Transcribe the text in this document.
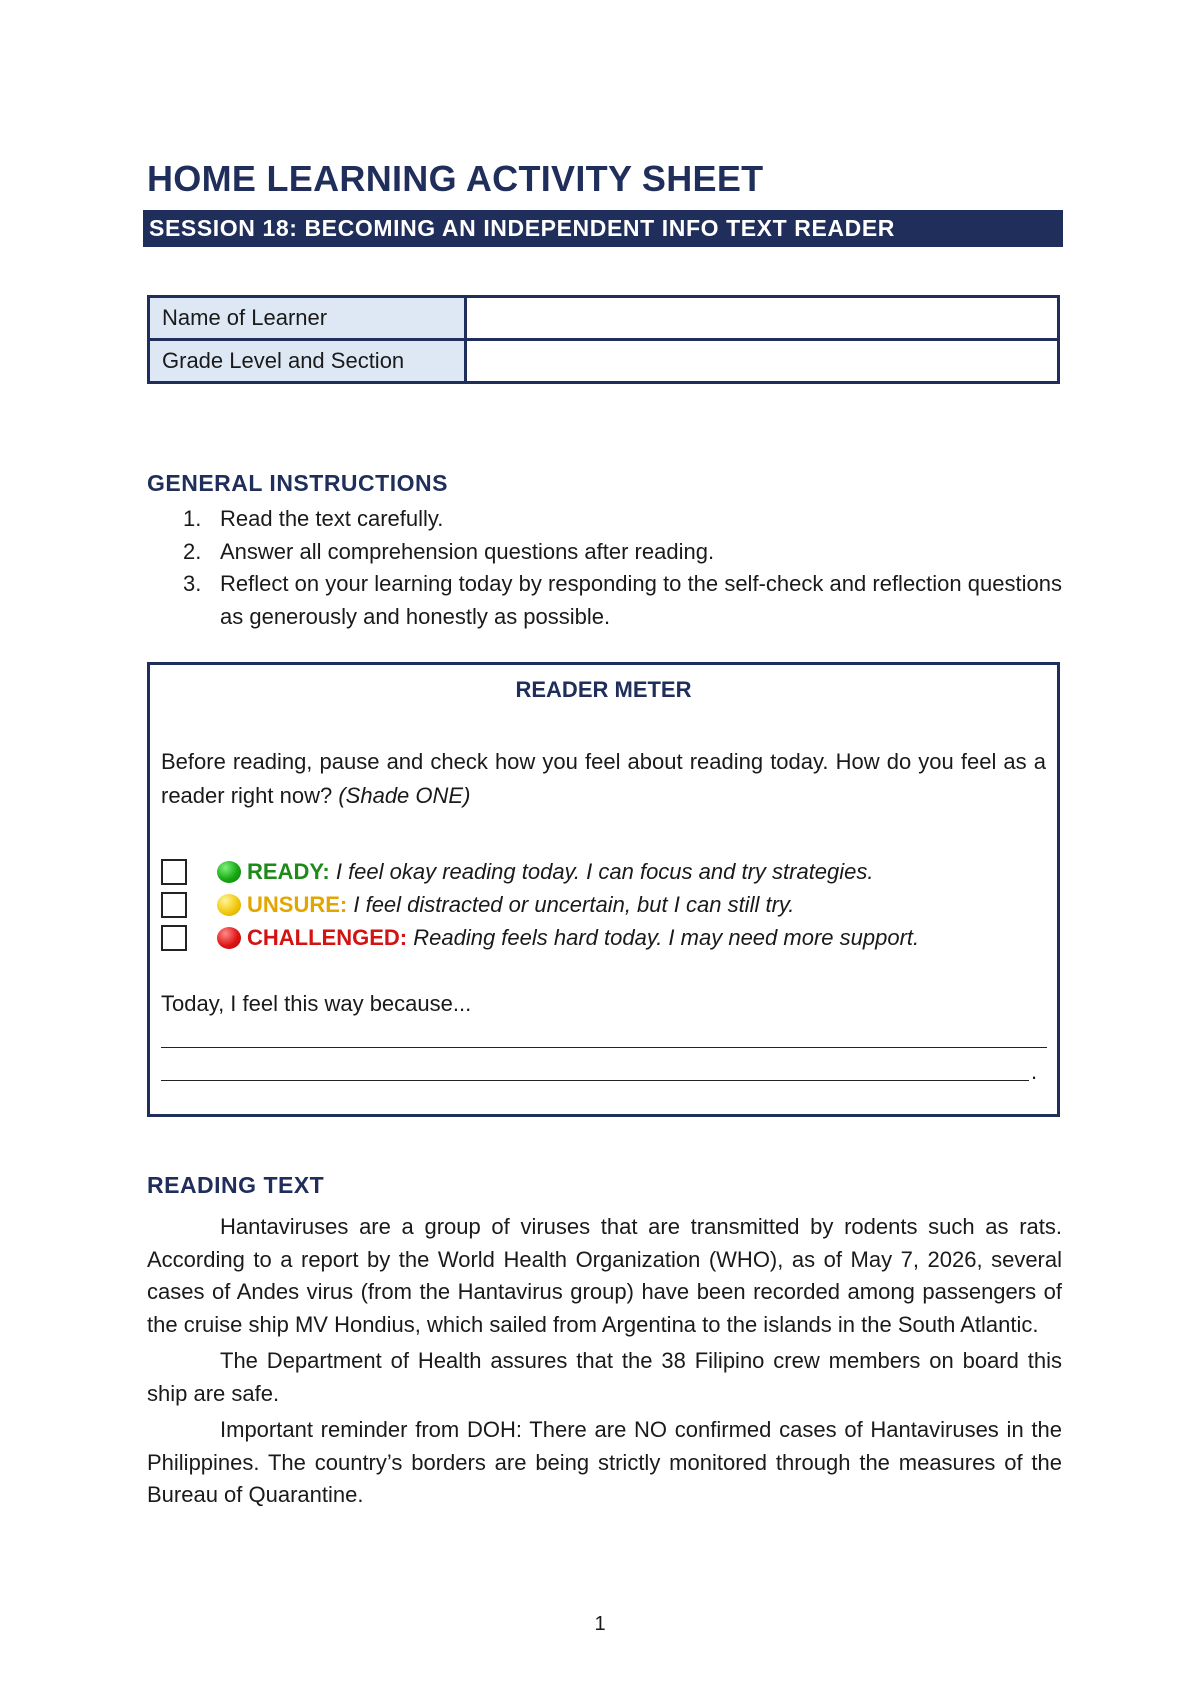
HOME LEARNING ACTIVITY SHEET
SESSION 18: BECOMING AN INDEPENDENT INFO TEXT READER
Name of Learner	
Grade Level and Section	
GENERAL INSTRUCTIONS
1. Read the text carefully.
2. Answer all comprehension questions after reading.
3. Reflect on your learning today by responding to the self-check and reflection questions as generously and honestly as possible.
READER METER

Before reading, pause and check how you feel about reading today. How do you feel as a reader right now? (Shade ONE)

READY: I feel okay reading today. I can focus and try strategies.
UNSURE: I feel distracted or uncertain, but I can still try.
CHALLENGED: Reading feels hard today. I may need more support.
Today, I feel this way because...
.
READING TEXT

Hantaviruses are a group of viruses that are transmitted by rodents such as rats. According to a report by the World Health Organization (WHO), as of May 7, 2026, several cases of Andes virus (from the Hantavirus group) have been recorded among passengers of the cruise ship MV Hondius, which sailed from Argentina to the islands in the South Atlantic.

The Department of Health assures that the 38 Filipino crew members on board this ship are safe.

Important reminder from DOH: There are NO confirmed cases of Hantaviruses in the Philippines. The country’s borders are being strictly monitored through the measures of the Bureau of Quarantine.

1
